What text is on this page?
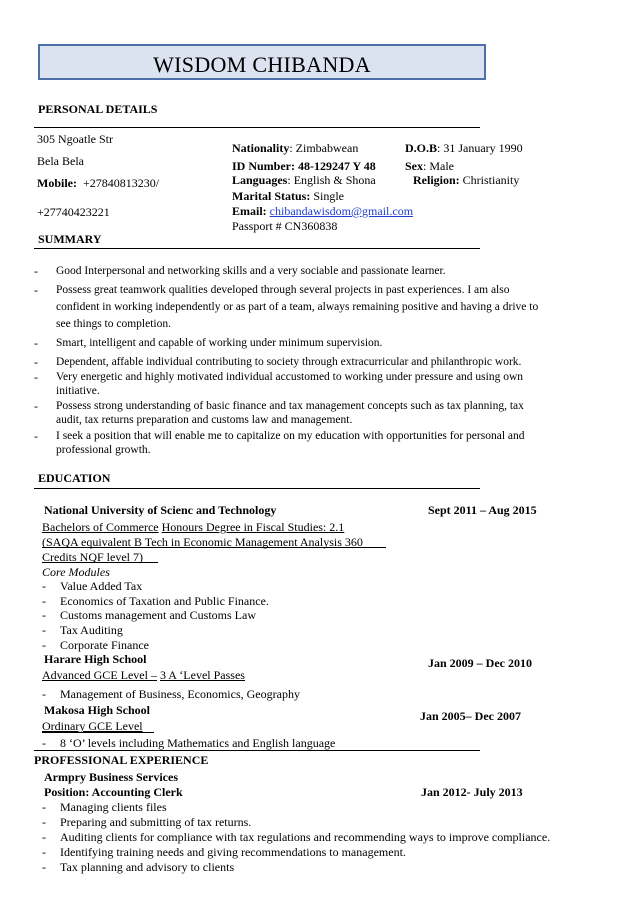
WISDOM CHIBANDA
PERSONAL DETAILS
305 Ngoatle Str
Bela Bela
Mobile: +27840813230/
+27740423221
Nationality: Zimbabwean
ID Number: 48-129247 Y 48
Languages: English & Shona
Marital Status: Single
Email: chibandawisdom@gmail.com
Passport # CN360838
D.O.B: 31 January 1990
Sex: Male
Religion: Christianity
SUMMARY
- Good Interpersonal and networking skills and a very sociable and passionate learner.
- Possess great teamwork qualities developed through several projects in past experiences. I am also
confident in working independently or as part of a team, always remaining positive and having a drive to
see things to completion.
- Smart, intelligent and capable of working under minimum supervision.
- Dependent, affable individual contributing to society through extracurricular and philanthropic work.
- Very energetic and highly motivated individual accustomed to working under pressure and using own
initiative.
- Possess strong understanding of basic finance and tax management concepts such as tax planning, tax
audit, tax returns preparation and customs law and management.
- I seek a position that will enable me to capitalize on my education with opportunities for personal and
professional growth.
EDUCATION
National University of Scienc and Technology	Sept 2011 – Aug 2015
Bachelors of Commerce Honours Degree in Fiscal Studies: 2.1
(SAQA equivalent B Tech in Economic Management Analysis 360
Credits NQF level 7)
Core Modules
- Value Added Tax
- Economics of Taxation and Public Finance.
- Customs management and Customs Law
- Tax Auditing
- Corporate Finance
Harare High School	Jan 2009 – Dec 2010
Advanced GCE Level – 3 A ‘Level Passes
- Management of Business, Economics, Geography
Makosa High School	Jan 2005– Dec 2007
Ordinary GCE Level
- 8 ‘O’ levels including Mathematics and English language
PROFESSIONAL EXPERIENCE
Armpry Business Services
Position: Accounting Clerk	Jan 2012- July 2013
- Managing clients files
- Preparing and submitting of tax returns.
- Auditing clients for compliance with tax regulations and recommending ways to improve compliance.
- Identifying training needs and giving recommendations to management.
- Tax planning and advisory to clients
